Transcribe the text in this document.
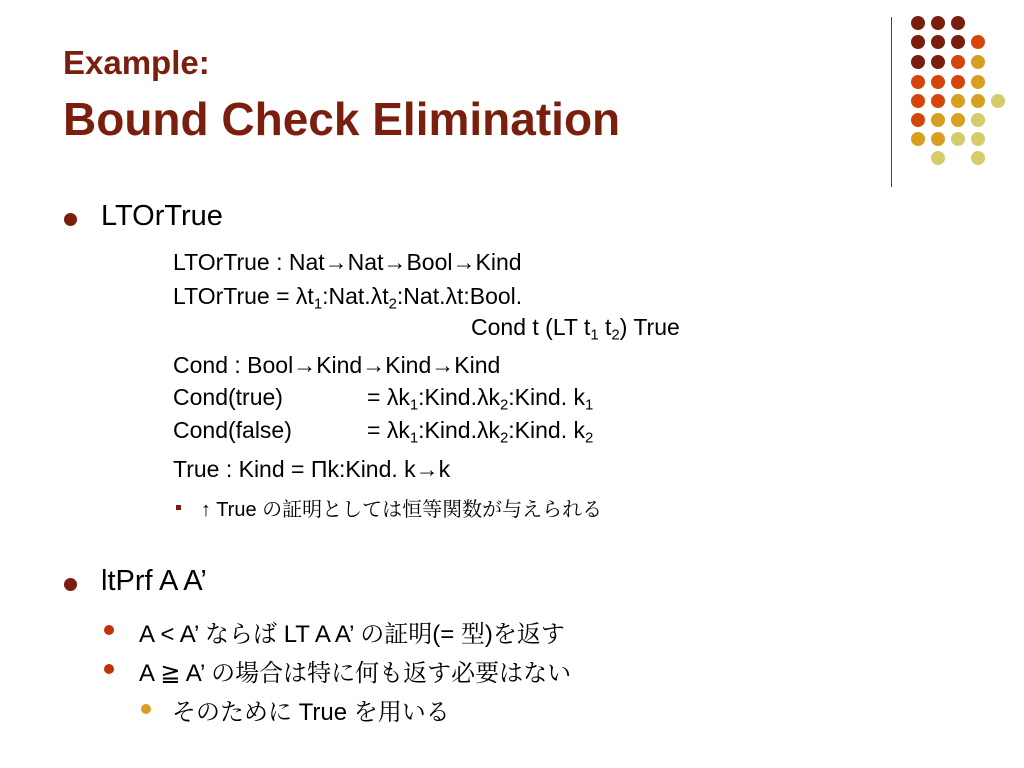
Example:
Bound Check Elimination
LTOrTrue
LTOrTrue : Nat→Nat→Bool→Kind
LTOrTrue = $\lambda t_1:Nat.\lambda t_2:Nat.\lambda t:Bool$.
Cond t (LT $t_1$ $t_2$) True
Cond : Bool→Kind→Kind→Kind
Cond(true)	= $\lambda k_1:Kind.\lambda k_2:Kind$. $k_1$
Cond(false)	= $\lambda k_1:Kind.\lambda k_2:Kind$. $k_2$
True : Kind = Πk:Kind. k→k
↑ True の証明としては恒等関数が与えられる
ltPrf A A’
A < A’ ならば LT A A’ の証明(= 型)を返す
A ≧ A’ の場合は特に何も返す必要はない
そのために True を用いる
